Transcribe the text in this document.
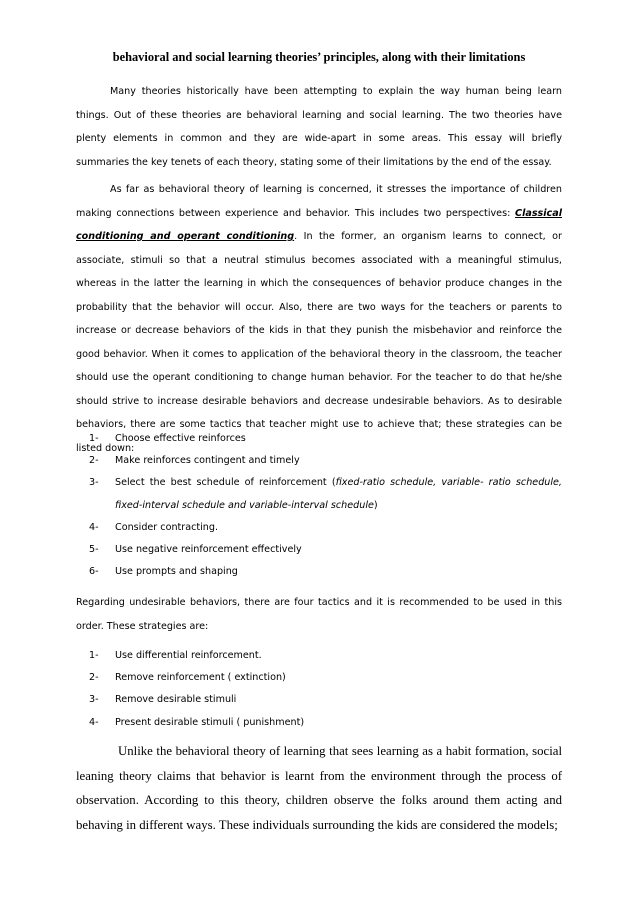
behavioral and social learning theories’ principles, along with their limitations

Many theories historically have been attempting to explain the way human being learn things. Out of these theories are behavioral learning and social learning. The two theories have plenty elements in common and they are wide-apart in some areas. This essay will briefly summaries the key tenets of each theory, stating some of their limitations by the end of the essay.

As far as behavioral theory of learning is concerned, it stresses the importance of children making connections between experience and behavior. This includes two perspectives: Classical conditioning and operant conditioning. In the former, an organism learns to connect, or associate, stimuli so that a neutral stimulus becomes associated with a meaningful stimulus, whereas in the latter the learning in which the consequences of behavior produce changes in the probability that the behavior will occur. Also, there are two ways for the teachers or parents to increase or decrease behaviors of the kids in that they punish the misbehavior and reinforce the good behavior. When it comes to application of the behavioral theory in the classroom, the teacher should use the operant conditioning to change human behavior. For the teacher to do that he/she should strive to increase desirable behaviors and decrease undesirable behaviors. As to desirable behaviors, there are some tactics that teacher might use to achieve that; these strategies can be listed down:

1- Choose effective reinforces
2- Make reinforces contingent and timely
3- Select the best schedule of reinforcement (fixed-ratio schedule, variable- ratio schedule, fixed-interval schedule and variable-interval schedule)
4- Consider contracting.
5- Use negative reinforcement effectively
6- Use prompts and shaping

Regarding undesirable behaviors, there are four tactics and it is recommended to be used in this order. These strategies are:

1- Use differential reinforcement.
2- Remove reinforcement ( extinction)
3- Remove desirable stimuli
4- Present desirable stimuli ( punishment)

Unlike the behavioral theory of learning that sees learning as a habit formation, social leaning theory claims that behavior is learnt from the environment through the process of observation. According to this theory, children observe the folks around them acting and behaving in different ways. These individuals surrounding the kids are considered the models;
